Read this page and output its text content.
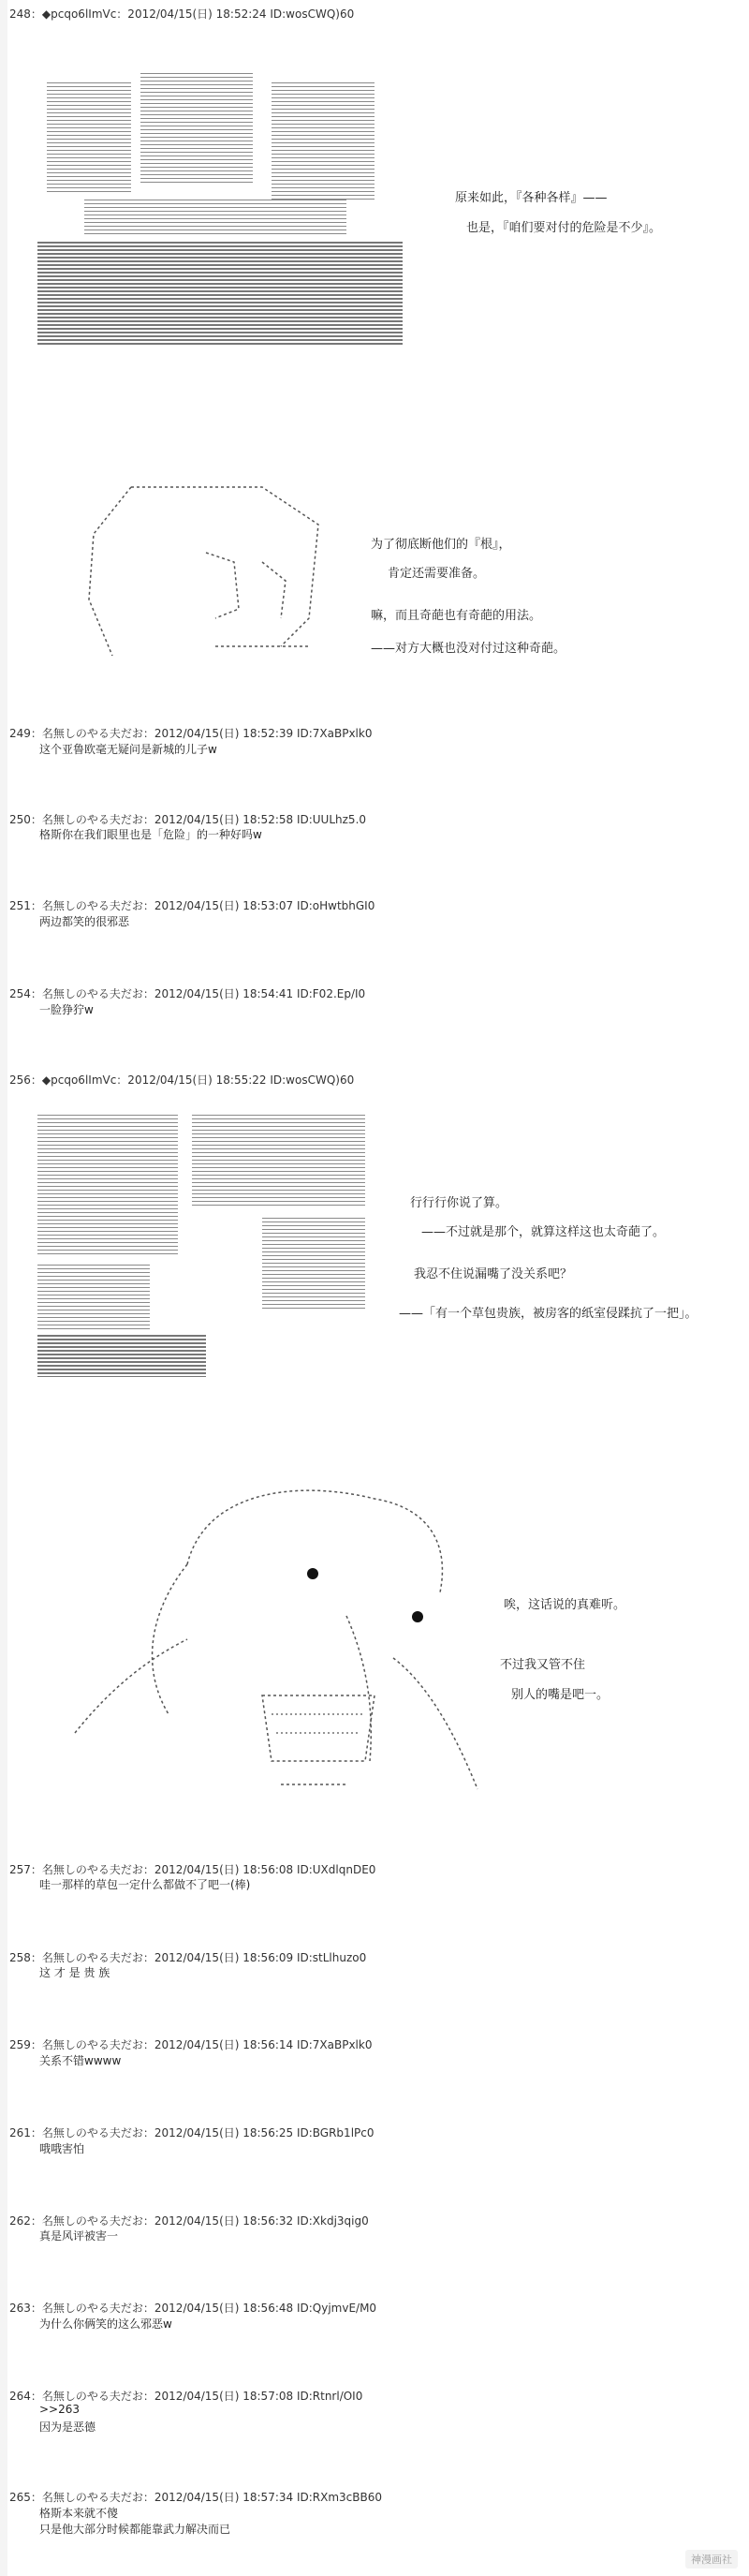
248：◆pcqo6lImVc：2012/04/15(日) 18:52:24 ID:wosCWQ)60
原来如此，『各种各样』——
也是，『咱们要对付的危险是不少』。
为了彻底断他们的『根』，
肯定还需要准备。
嘛，而且奇葩也有奇葩的用法。
——对方大概也没对付过这种奇葩。
249：名無しのやる夫だお：2012/04/15(日) 18:52:39 ID:7XaBPxlk0
这个亚鲁欧毫无疑问是新城的儿子w
250：名無しのやる夫だお：2012/04/15(日) 18:52:58 ID:UULhz5.0
格斯你在我们眼里也是「危险」的一种好吗w
251：名無しのやる夫だお：2012/04/15(日) 18:53:07 ID:oHwtbhGI0
两边都笑的很邪恶
254：名無しのやる夫だお：2012/04/15(日) 18:54:41 ID:F02.Ep/I0
一脸狰狞w
256：◆pcqo6lImVc：2012/04/15(日) 18:55:22 ID:wosCWQ)60
行行行你说了算。
——不过就是那个，就算这样这也太奇葩了。
我忍不住说漏嘴了没关系吧？
——「有一个草包贵族，被房客的纸室侵蹂抗了一把」。
唉，这话说的真难听。
不过我又管不住
别人的嘴是吧一。
257：名無しのやる夫だお：2012/04/15(日) 18:56:08 ID:UXdlqnDE0
哇一那样的草包一定什么都做不了吧一(棒)
258：名無しのやる夫だお：2012/04/15(日) 18:56:09 ID:stLlhuzo0
这 才 是 贵 族
259：名無しのやる夫だお：2012/04/15(日) 18:56:14 ID:7XaBPxlk0
关系不错wwww
261：名無しのやる夫だお：2012/04/15(日) 18:56:25 ID:BGRb1lPc0
哦哦害怕
262：名無しのやる夫だお：2012/04/15(日) 18:56:32 ID:Xkdj3qig0
真是风评被害一
263：名無しのやる夫だお：2012/04/15(日) 18:56:48 ID:QyjmvE/M0
为什么你俩笑的这么邪恶w
264：名無しのやる夫だお：2012/04/15(日) 18:57:08 ID:Rtnrl/OI0
>>263
因为是恶德
265：名無しのやる夫だお：2012/04/15(日) 18:57:34 ID:RXm3cBB60
格斯本来就不傻
只是他大部分时候都能靠武力解决而已
神漫画社
